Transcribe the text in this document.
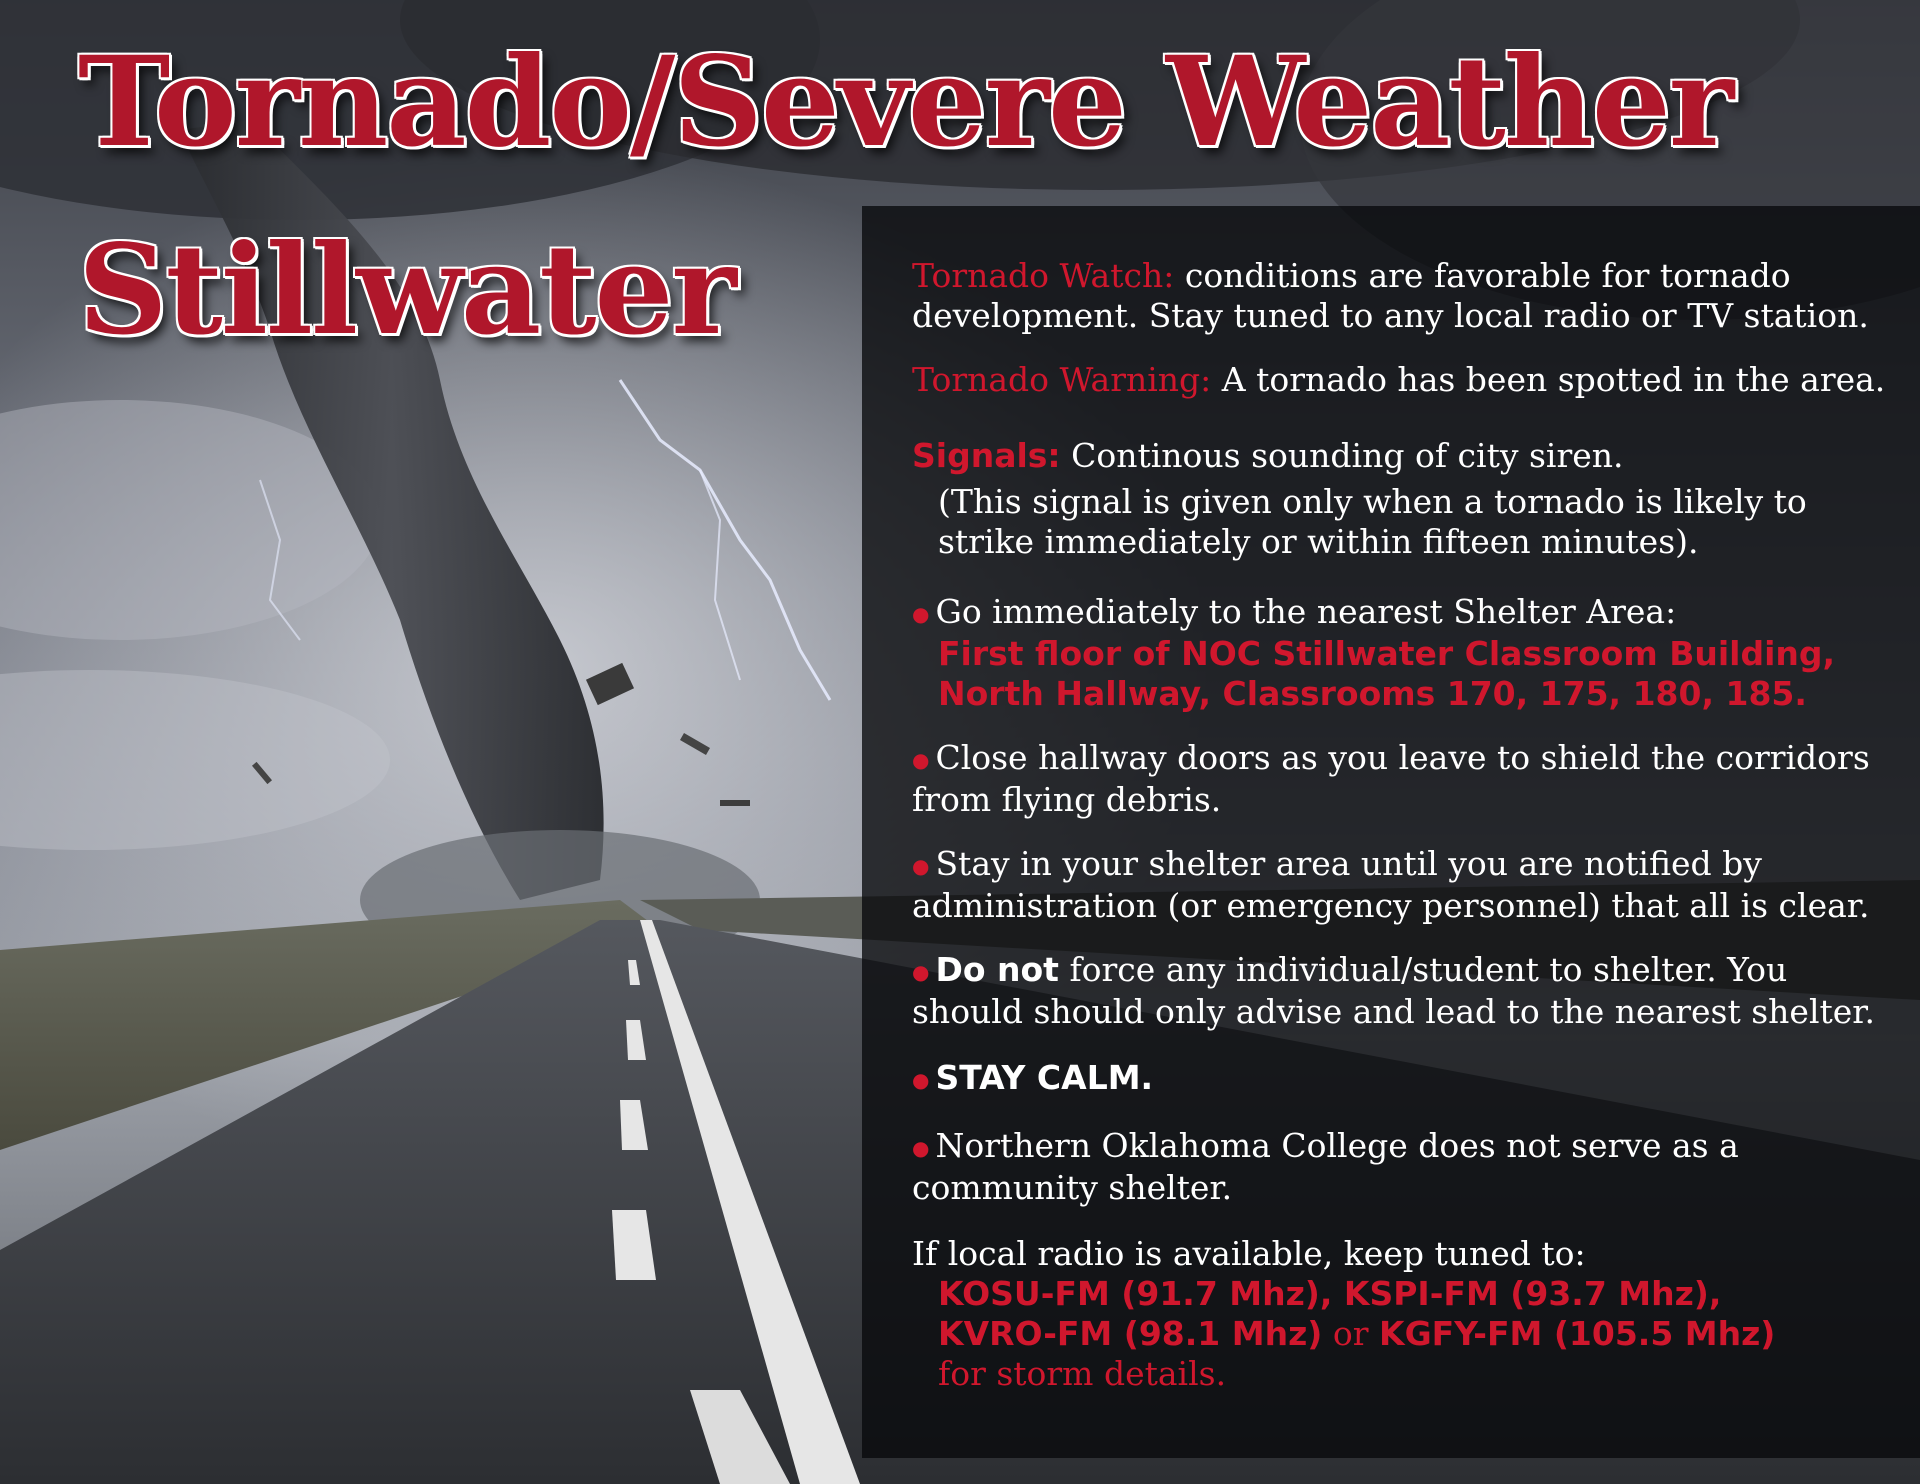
Tornado/Severe Weather
Stillwater	Tornado Watch: conditions are favorable for tornado development. Stay tuned to any local radio or TV station.

Tornado Warning: A tornado has been spotted in the area.

Signals: Continous sounding of city siren.
(This signal is given only when a tornado is likely to strike immediately or within fifteen minutes).

● Go immediately to the nearest Shelter Area:
First floor of NOC Stillwater Classroom Building, North Hallway, Classrooms 170, 175, 180, 185.

● Close hallway doors as you leave to shield the corridors from flying debris.

● Stay in your shelter area until you are notified by administration (or emergency personnel) that all is clear.

● Do not force any individual/student to shelter. You should should only advise and lead to the nearest shelter.

● STAY CALM.

● Northern Oklahoma College does not serve as a community shelter.

If local radio is available, keep tuned to:
KOSU-FM (91.7 Mhz), KSPI-FM (93.7 Mhz),
KVRO-FM (98.1 Mhz) or KGFY-FM (105.5 Mhz)
for storm details.
